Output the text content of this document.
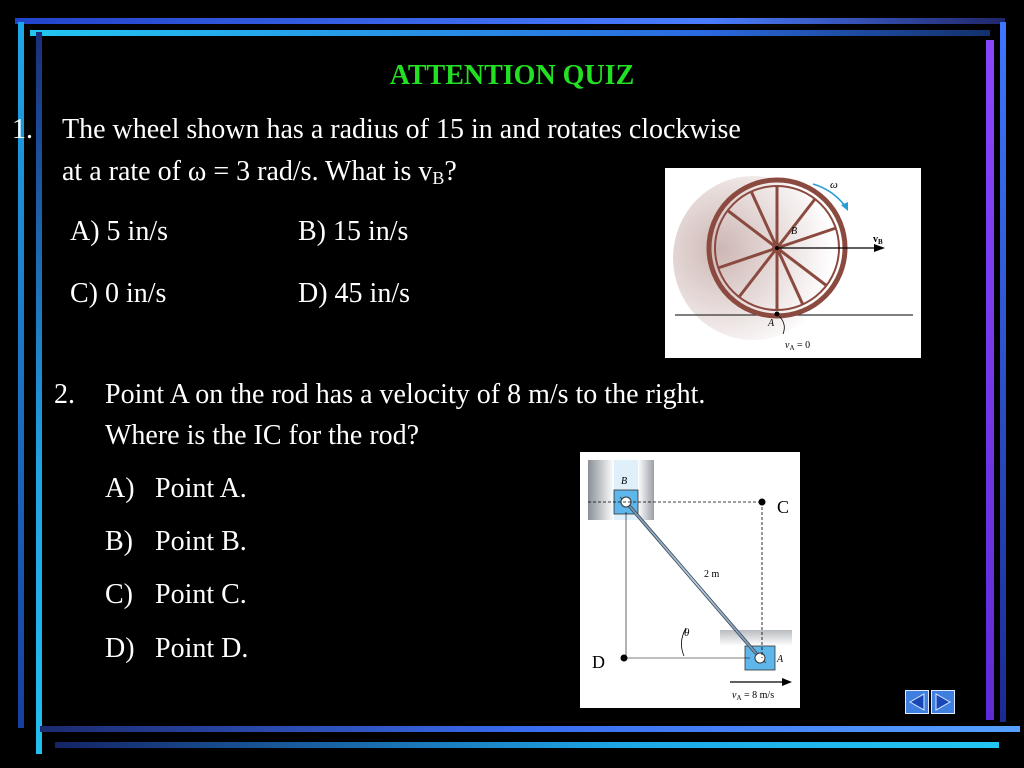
ATTENTION QUIZ
1. The wheel shown has a radius of 15 in and rotates clockwise
at a rate of ω = 3 rad/s. What is $v_B$?
A) 5 in/s	B) 15 in/s
C) 0 in/s	D) 45 in/s
ω
B
$v_B$
A
$v_A = 0$
2. Point A on the rod has a velocity of 8 m/s to the right.
Where is the IC for the rod?
A) Point A.
B) Point B.
C) Point C.
D) Point D.
B
A
θ
2 m
C
D
$v_A = 8$ m/s
